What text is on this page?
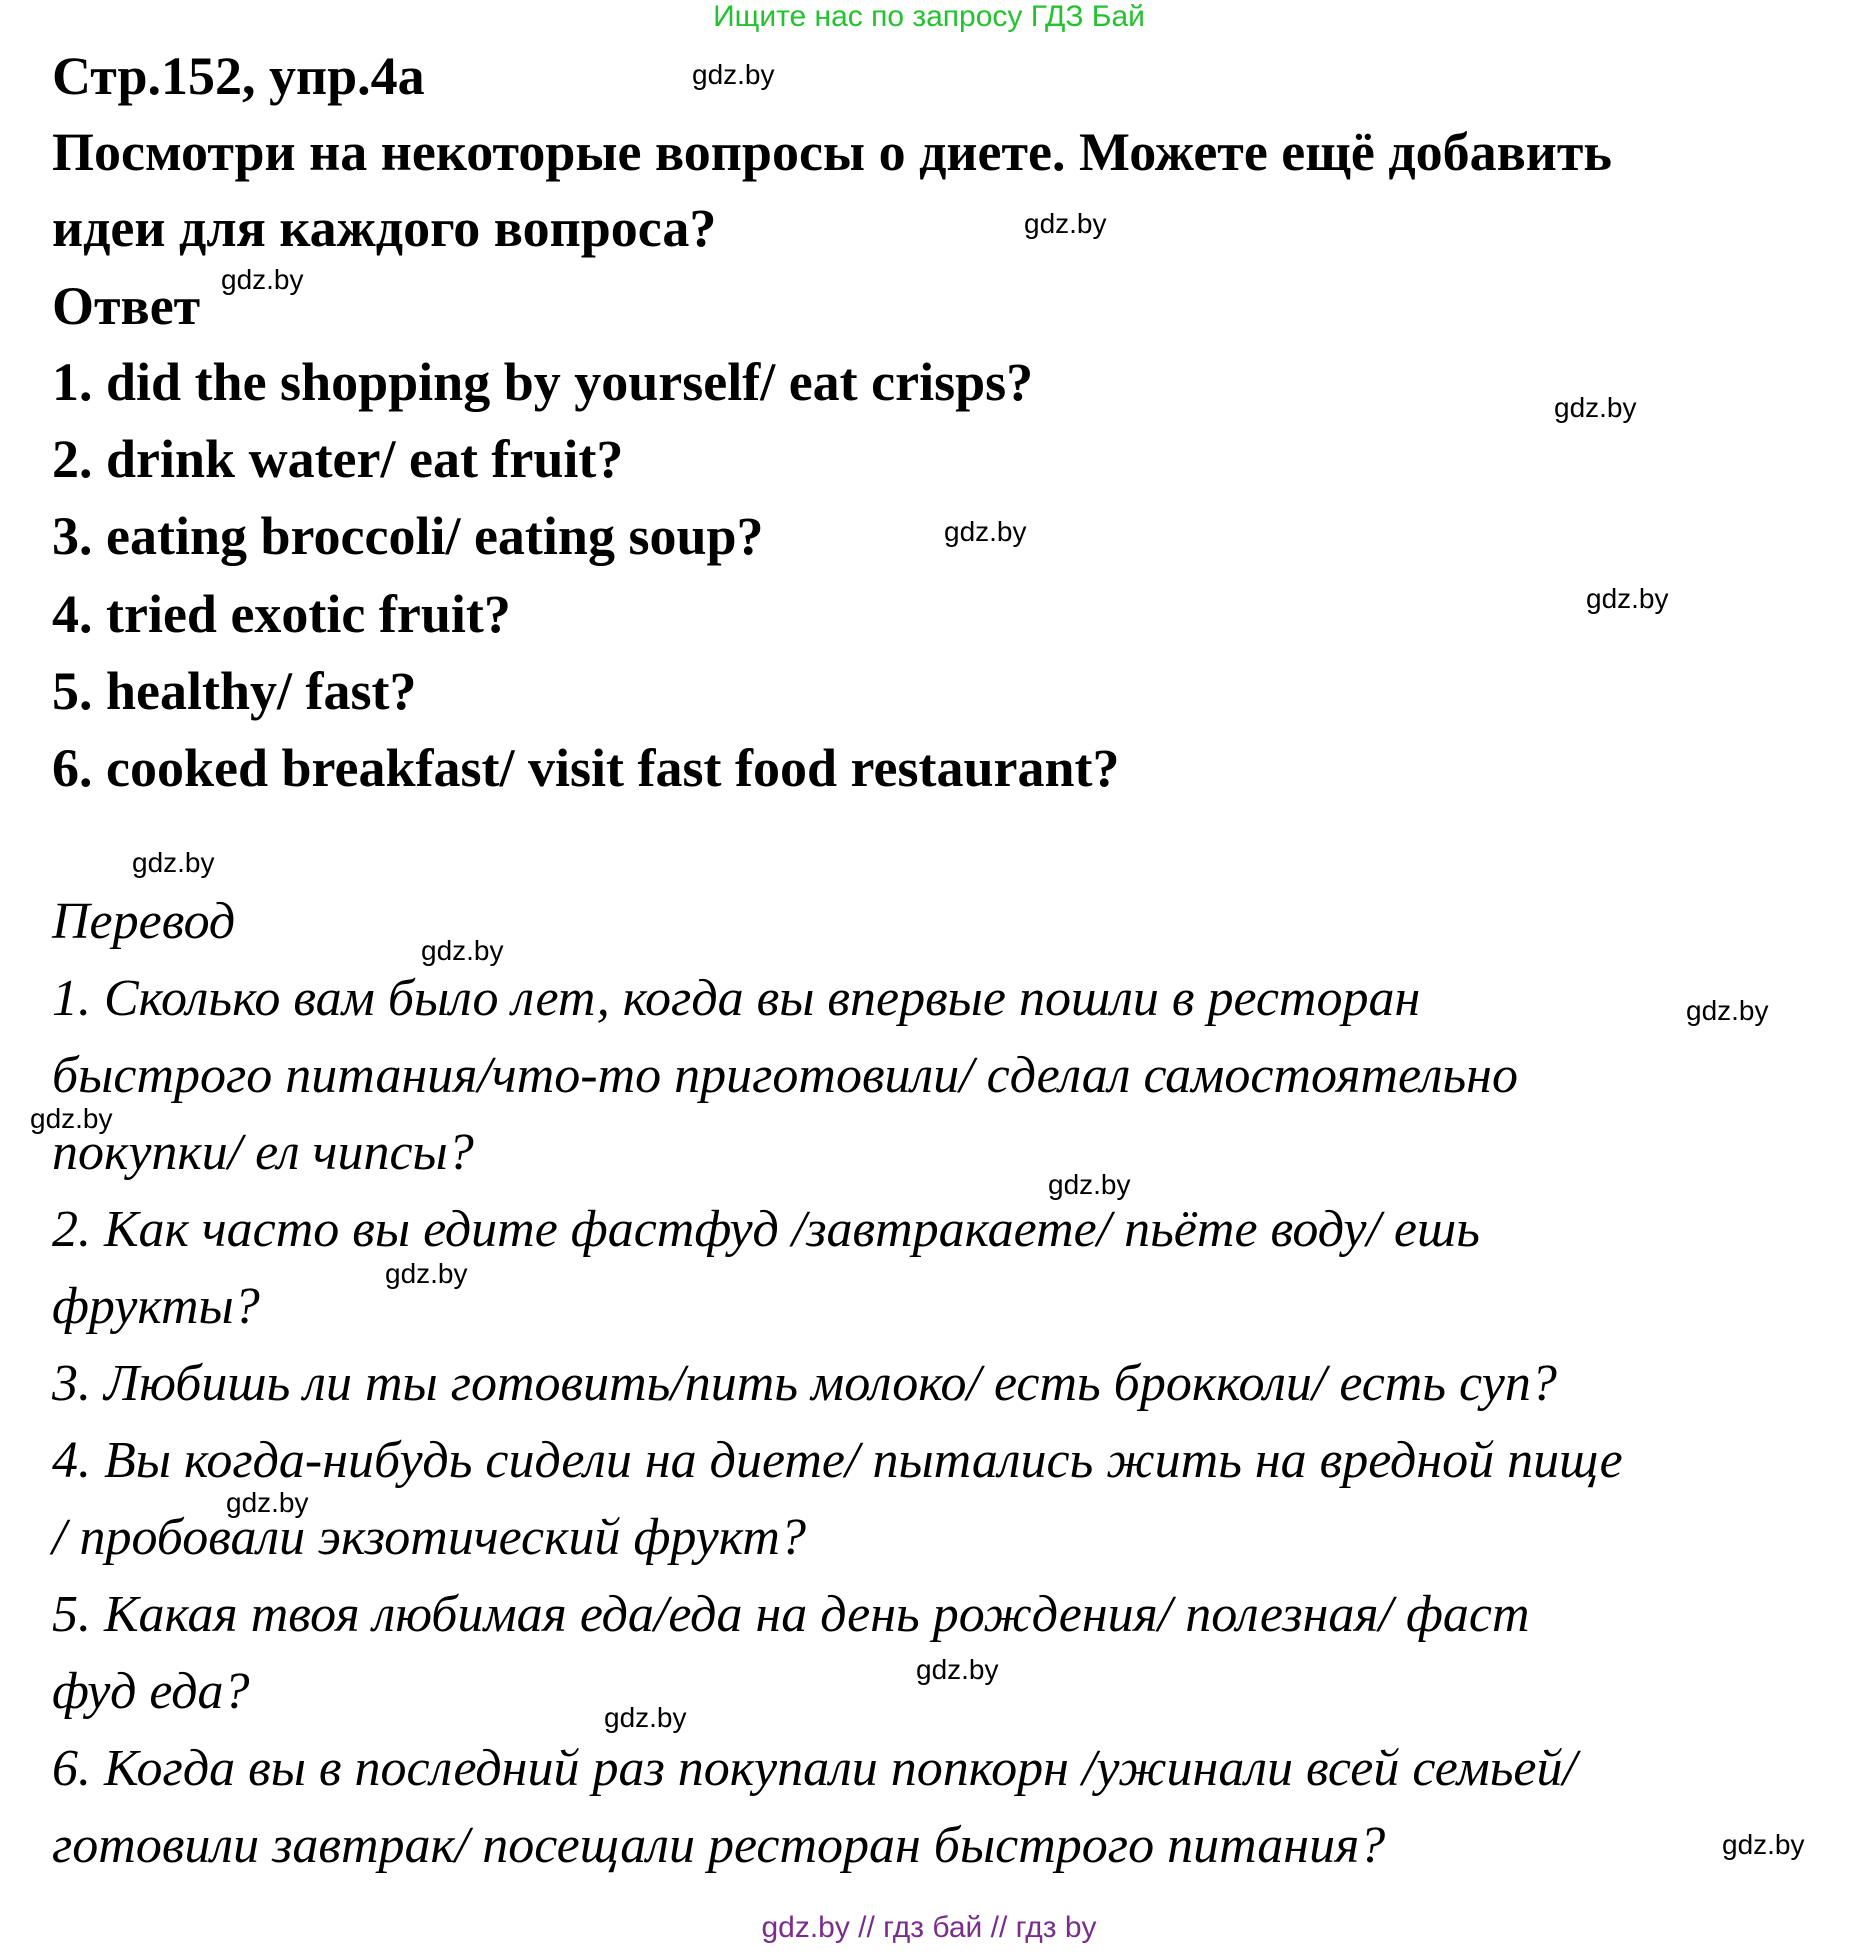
Ищите нас по запросу ГДЗ Бай
Стр.152, упр.4a
Посмотри на некоторые вопросы о диете. Можете ещё добавить
идеи для каждого вопроса?
Ответ
1. did the shopping by yourself/ eat crisps?
2. drink water/ eat fruit?
3. eating broccoli/ eating soup?
4. tried exotic fruit?
5. healthy/ fast?
6. cooked breakfast/ visit fast food restaurant?
Перевод
1. Сколько вам было лет, когда вы впервые пошли в ресторан
быстрого питания/что-то приготовили/ сделал самостоятельно
покупки/ ел чипсы?
2. Как часто вы едите фастфуд /завтракаете/ пьёте воду/ ешь
фрукты?
3. Любишь ли ты готовить/пить молоко/ есть брокколи/ есть суп?
4. Вы когда-нибудь сидели на диете/ пытались жить на вредной пище
/ пробовали экзотический фрукт?
5. Какая твоя любимая еда/еда на день рождения/ полезная/ фаст
фуд еда?
6. Когда вы в последний раз покупали попкорн /ужинали всей семьей/
готовили завтрак/ посещали ресторан быстрого питания?
gdz.by
gdz.by
gdz.by
gdz.by
gdz.by
gdz.by
gdz.by
gdz.by
gdz.by
gdz.by
gdz.by
gdz.by
gdz.by
gdz.by
gdz.by
gdz.by
gdz.by // гдз бай // гдз by
